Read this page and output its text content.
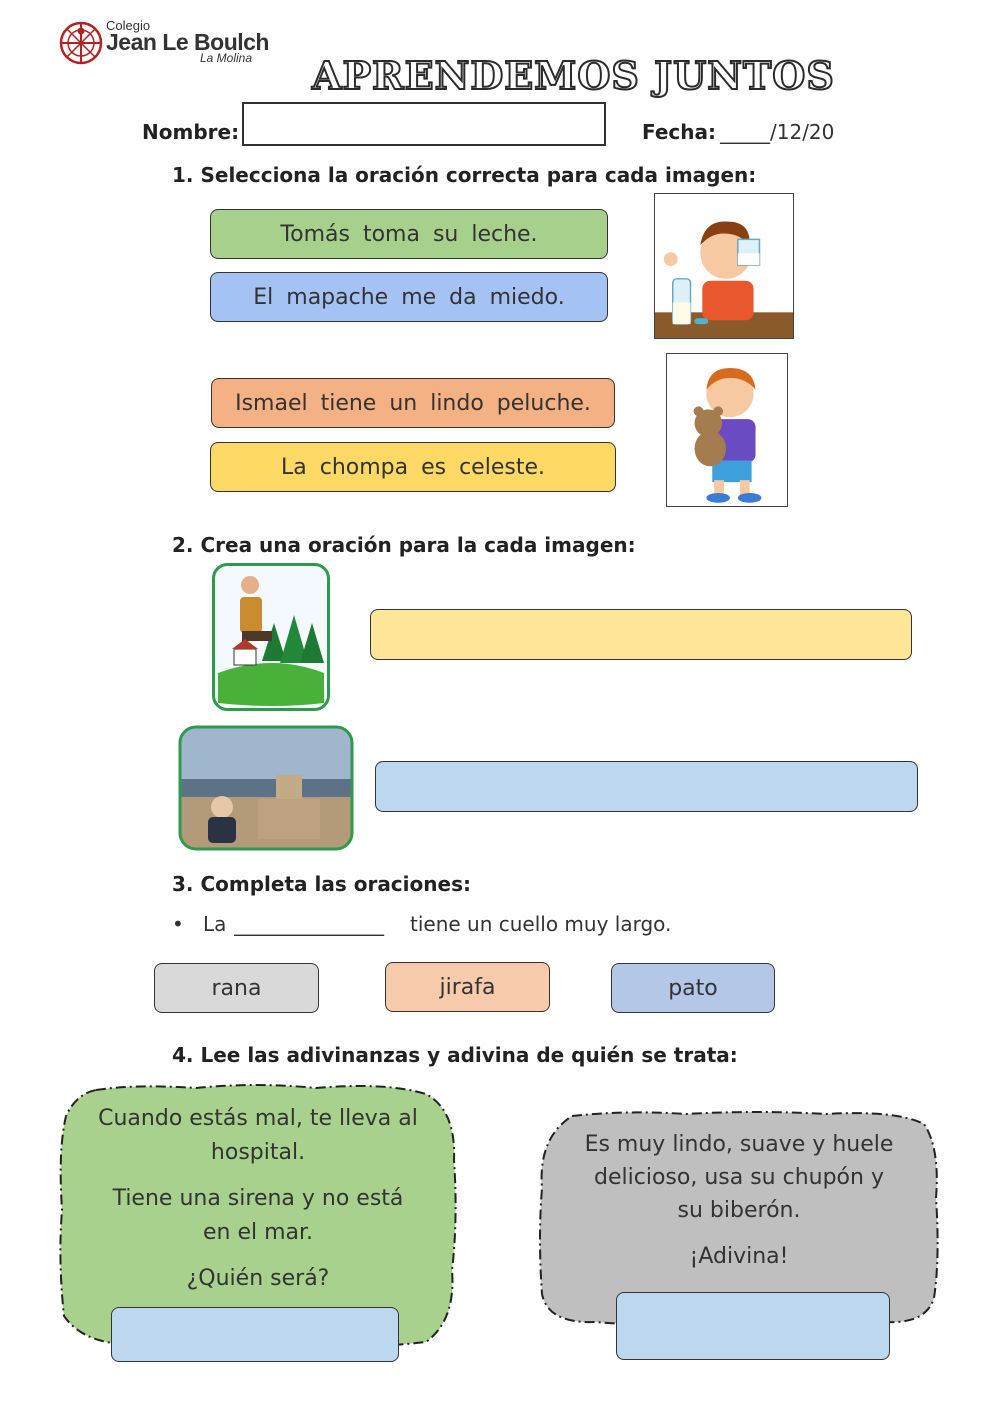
Colegio
Jean Le Boulch
La Molina APRENDEMOS JUNTOS
Nombre:	Fecha: _____/12/20
1. Selecciona la oración correcta para cada imagen:
Tomás toma su leche.
El mapache me da miedo.
Ismael tiene un lindo peluche.
La chompa es celeste.
2. Crea una oración para la cada imagen:
3. Completa las oraciones:
• La _______________	tiene un cuello muy largo.
rana	jirafa	pato
4. Lee las adivinanzas y adivina de quién se trata:
Cuando estás mal, te lleva al
hospital.
Tiene una sirena y no está
en el mar.
¿Quién será?
Es muy lindo, suave y huele
delicioso, usa su chupón y
su biberón.
¡Adivina!
